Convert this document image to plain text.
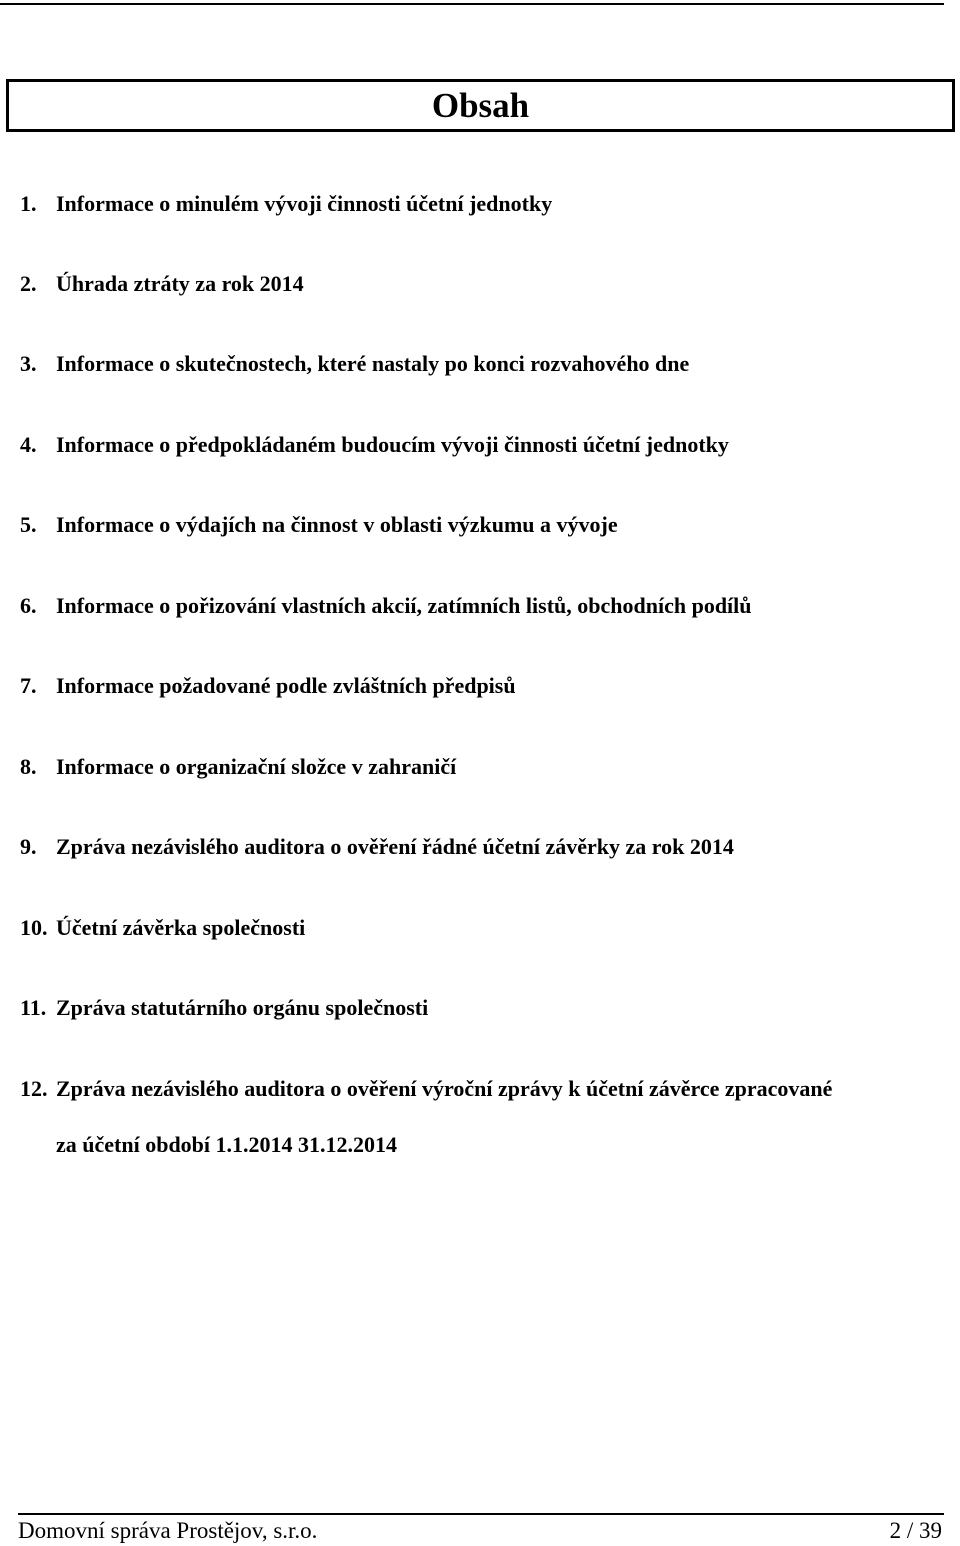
Obsah
1. Informace o minulém vývoji činnosti účetní jednotky
2. Úhrada ztráty za rok 2014
3. Informace o skutečnostech, které nastaly po konci rozvahového dne
4. Informace o předpokládaném budoucím vývoji činnosti účetní jednotky
5. Informace o výdajích na činnost v oblasti výzkumu a vývoje
6. Informace o pořizování vlastních akcií, zatímních listů, obchodních podílů
7. Informace požadované podle zvláštních předpisů
8. Informace o organizační složce v zahraničí
9. Zpráva nezávislého auditora o ověření řádné účetní závěrky za rok 2014
10. Účetní závěrka společnosti
11. Zpráva statutárního orgánu společnosti
12. Zpráva nezávislého auditora o ověření výroční zprávy k účetní závěrce zpracované
za účetní období 1.1.2014 31.12.2014
Domovní správa Prostějov, s.r.o.	2 / 39
